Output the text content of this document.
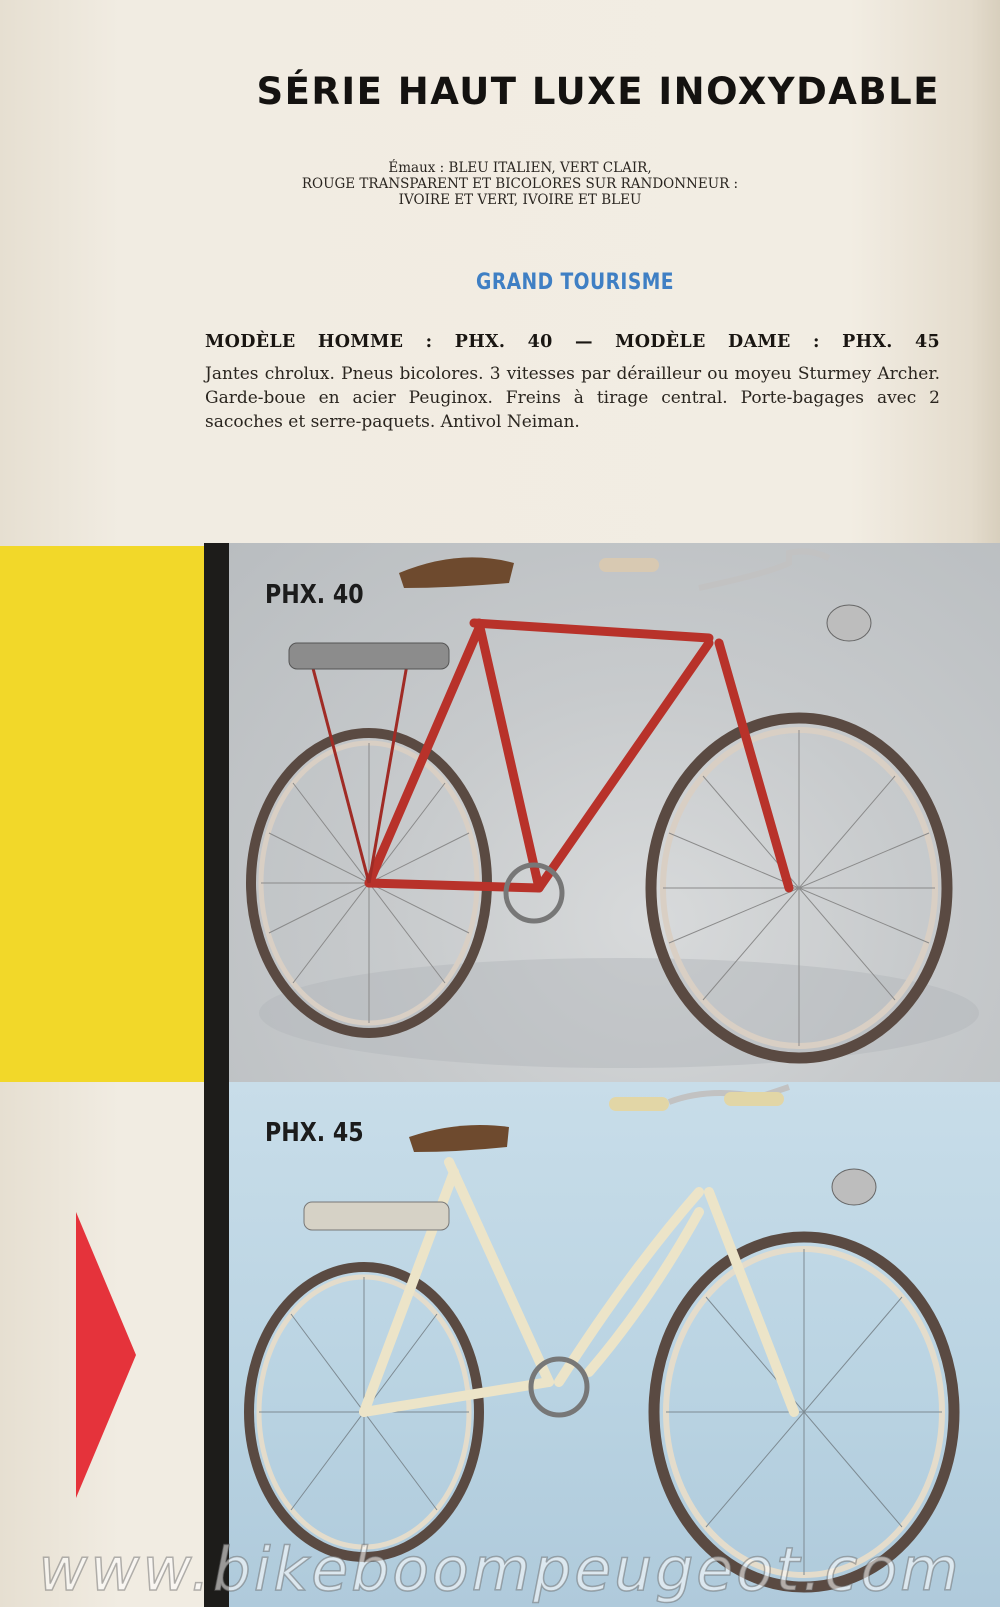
SÉRIE HAUT LUXE INOXYDABLE
Émaux : BLEU ITALIEN, VERT CLAIR,
ROUGE TRANSPARENT ET BICOLORES SUR RANDONNEUR :
IVOIRE ET VERT, IVOIRE ET BLEU
GRAND TOURISME
MODÈLE HOMME : PHX. 40 — MODÈLE DAME : PHX. 45
Jantes chrolux. Pneus bicolores. 3 vitesses par dérailleur ou moyeu Sturmey Archer. Garde-boue en acier Peuginox. Freins à tirage central. Porte-bagages avec 2 sacoches et serre-paquets. Antivol Neiman.
PHX. 40
PHX. 45
www.bikeboompeugeot.com
